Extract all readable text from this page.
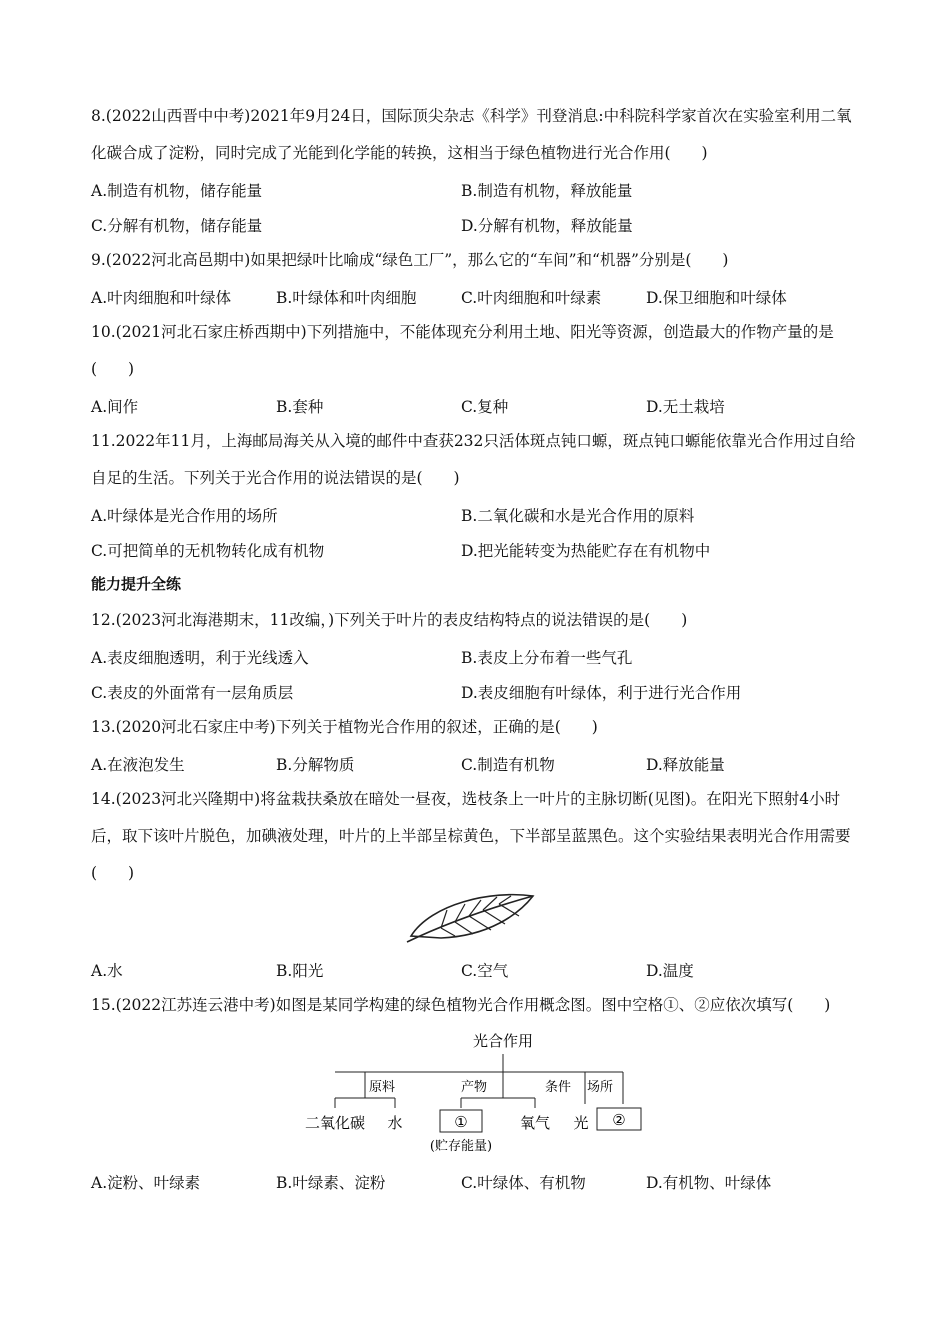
8.(2022山西晋中中考)2021年9月24日，国际顶尖杂志《科学》刊登消息:中科院科学家首次在实验室利用二氧化碳合成了淀粉，同时完成了光能到化学能的转换，这相当于绿色植物进行光合作用(　　)
A.制造有机物，储存能量	B.制造有机物，释放能量
C.分解有机物，储存能量	D.分解有机物，释放能量
9.(2022河北高邑期中)如果把绿叶比喻成“绿色工厂”，那么它的“车间”和“机器”分别是(　　)
A.叶肉细胞和叶绿体	B.叶绿体和叶肉细胞	C.叶肉细胞和叶绿素	D.保卫细胞和叶绿体
10.(2021河北石家庄桥西期中)下列措施中，不能体现充分利用土地、阳光等资源，创造最大的作物产量的是(　　)
A.间作	B.套种	C.复种	D.无土栽培
11.2022年11月，上海邮局海关从入境的邮件中查获232只活体斑点钝口螈，斑点钝口螈能依靠光合作用过自给自足的生活。下列关于光合作用的说法错误的是(　　)
A.叶绿体是光合作用的场所	B.二氧化碳和水是光合作用的原料
C.可把简单的无机物转化成有机物	D.把光能转变为热能贮存在有机物中
能力提升全练
12.(2023河北海港期末，11改编，)下列关于叶片的表皮结构特点的说法错误的是(　　)
A.表皮细胞透明，利于光线透入	B.表皮上分布着一些气孔
C.表皮的外面常有一层角质层	D.表皮细胞有叶绿体，利于进行光合作用
13.(2020河北石家庄中考)下列关于植物光合作用的叙述，正确的是(　　)
A.在液泡发生	B.分解物质	C.制造有机物	D.释放能量
14.(2023河北兴隆期中)将盆栽扶桑放在暗处一昼夜，选枝条上一叶片的主脉切断(见图)。在阳光下照射4小时后，取下该叶片脱色，加碘液处理，叶片的上半部呈棕黄色，下半部呈蓝黑色。这个实验结果表明光合作用需要(　　)
A.水	B.阳光	C.空气	D.温度
15.(2022江苏连云港中考)如图是某同学构建的绿色植物光合作用概念图。图中空格①、②应依次填写(　　)
光合作用
原料	产物	条件 场所
二氧化碳 水	①
(贮存能量)
氧气 光 ②
A.淀粉、叶绿素	B.叶绿素、淀粉	C.叶绿体、有机物	D.有机物、叶绿体
